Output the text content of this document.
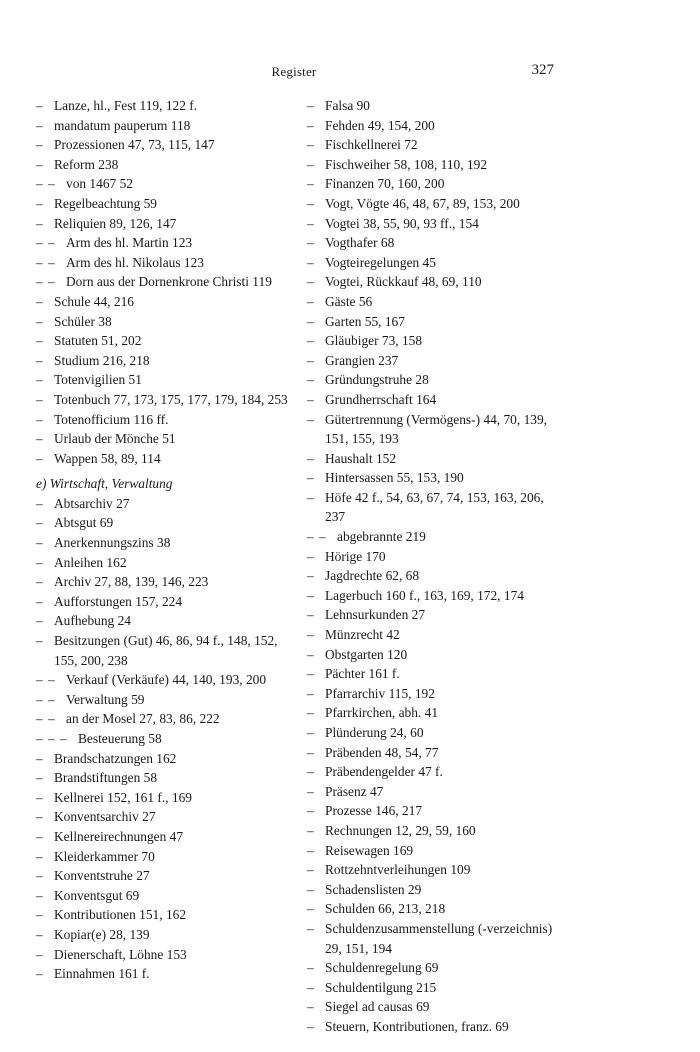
Register	327
– Lanze, hl., Fest 119, 122 f.
– mandatum pauperum 118
– Prozessionen 47, 73, 115, 147
– Reform 238
– – von 1467 52
– Regelbeachtung 59
– Reliquien 89, 126, 147
– – Arm des hl. Martin 123
– – Arm des hl. Nikolaus 123
– – Dorn aus der Dornenkrone Christi 119
– Schule 44, 216
– Schüler 38
– Statuten 51, 202
– Studium 216, 218
– Totenvigilien 51
– Totenbuch 77, 173, 175, 177, 179, 184, 253
– Totenofficium 116 ff.
– Urlaub der Mönche 51
– Wappen 58, 89, 114
e) Wirtschaft, Verwaltung
– Abtsarchiv 27
– Abtsgut 69
– Anerkennungszins 38
– Anleihen 162
– Archiv 27, 88, 139, 146, 223
– Aufforstungen 157, 224
– Aufhebung 24
– Besitzungen (Gut) 46, 86, 94 f., 148, 152, 155, 200, 238
– – Verkauf (Verkäufe) 44, 140, 193, 200
– – Verwaltung 59
– – an der Mosel 27, 83, 86, 222
– – – Besteuerung 58
– Brandschatzungen 162
– Brandstiftungen 58
– Kellnerei 152, 161 f., 169
– Konventsarchiv 27
– Kellnereirechnungen 47
– Kleiderkammer 70
– Konventstruhe 27
– Konventsgut 69
– Kontributionen 151, 162
– Kopiar(e) 28, 139
– Dienerschaft, Löhne 153
– Einnahmen 161 f.
– Falsa 90
– Fehden 49, 154, 200
– Fischkellnerei 72
– Fischweiher 58, 108, 110, 192
– Finanzen 70, 160, 200
– Vogt, Vögte 46, 48, 67, 89, 153, 200
– Vogtei 38, 55, 90, 93 ff., 154
– Vogthafer 68
– Vogteiregelungen 45
– Vogtei, Rückkauf 48, 69, 110
– Gäste 56
– Garten 55, 167
– Gläubiger 73, 158
– Grangien 237
– Gründungstruhe 28
– Grundherrschaft 164
– Gütertrennung (Vermögens-) 44, 70, 139, 151, 155, 193
– Haushalt 152
– Hintersassen 55, 153, 190
– Höfe 42 f., 54, 63, 67, 74, 153, 163, 206, 237
– – abgebrannte 219
– Hörige 170
– Jagdrechte 62, 68
– Lagerbuch 160 f., 163, 169, 172, 174
– Lehnsurkunden 27
– Münzrecht 42
– Obstgarten 120
– Pächter 161 f.
– Pfarrarchiv 115, 192
– Pfarrkirchen, abh. 41
– Plünderung 24, 60
– Präbenden 48, 54, 77
– Präbendengelder 47 f.
– Präsenz 47
– Prozesse 146, 217
– Rechnungen 12, 29, 59, 160
– Reisewagen 169
– Rottzehntverleihungen 109
– Schadenslisten 29
– Schulden 66, 213, 218
– Schuldenzusammenstellung (-verzeichnis) 29, 151, 194
– Schuldenregelung 69
– Schuldentilgung 215
– Siegel ad causas 69
– Steuern, Kontributionen, franz. 69
